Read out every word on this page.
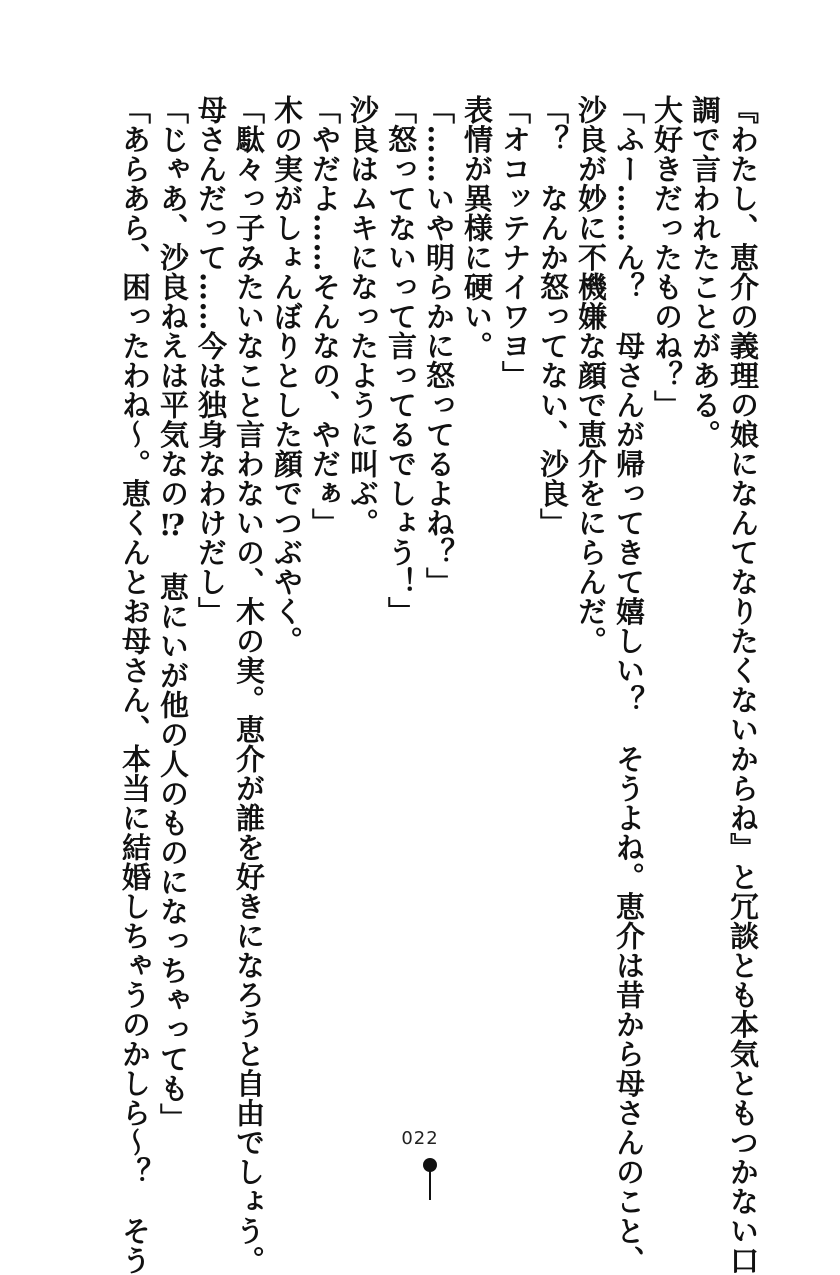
『わたし、恵介の義理の娘になんてなりたくないからね』と冗談とも本気ともつかない口

調で言われたことがある。

大好きだったものね？」

「ふー……ん？　母さんが帰ってきて嬉しい？　そうよね。恵介は昔から母さんのこと、

沙良が妙に不機嫌な顔で恵介をにらんだ。

「？　なんか怒ってない、沙良」

「オコッテナイワヨ」

表情が異様に硬い。

「……いや明らかに怒ってるよね？」

「怒ってないって言ってるでしょう！」

沙良はムキになったように叫ぶ。

「やだよ……そんなの、やだぁ」

木の実がしょんぼりとした顔でつぶやく。

「駄々っ子みたいなこと言わないの、木の実。恵介が誰を好きになろうと自由でしょう。

母さんだって……今は独身なわけだし」

「じゃあ、沙良ねえは平気なの⁉　恵にいが他の人のものになっちゃっても」

「あらあら、困ったわね～。恵くんとお母さん、本当に結婚しちゃうのかしら～？　そう	022
